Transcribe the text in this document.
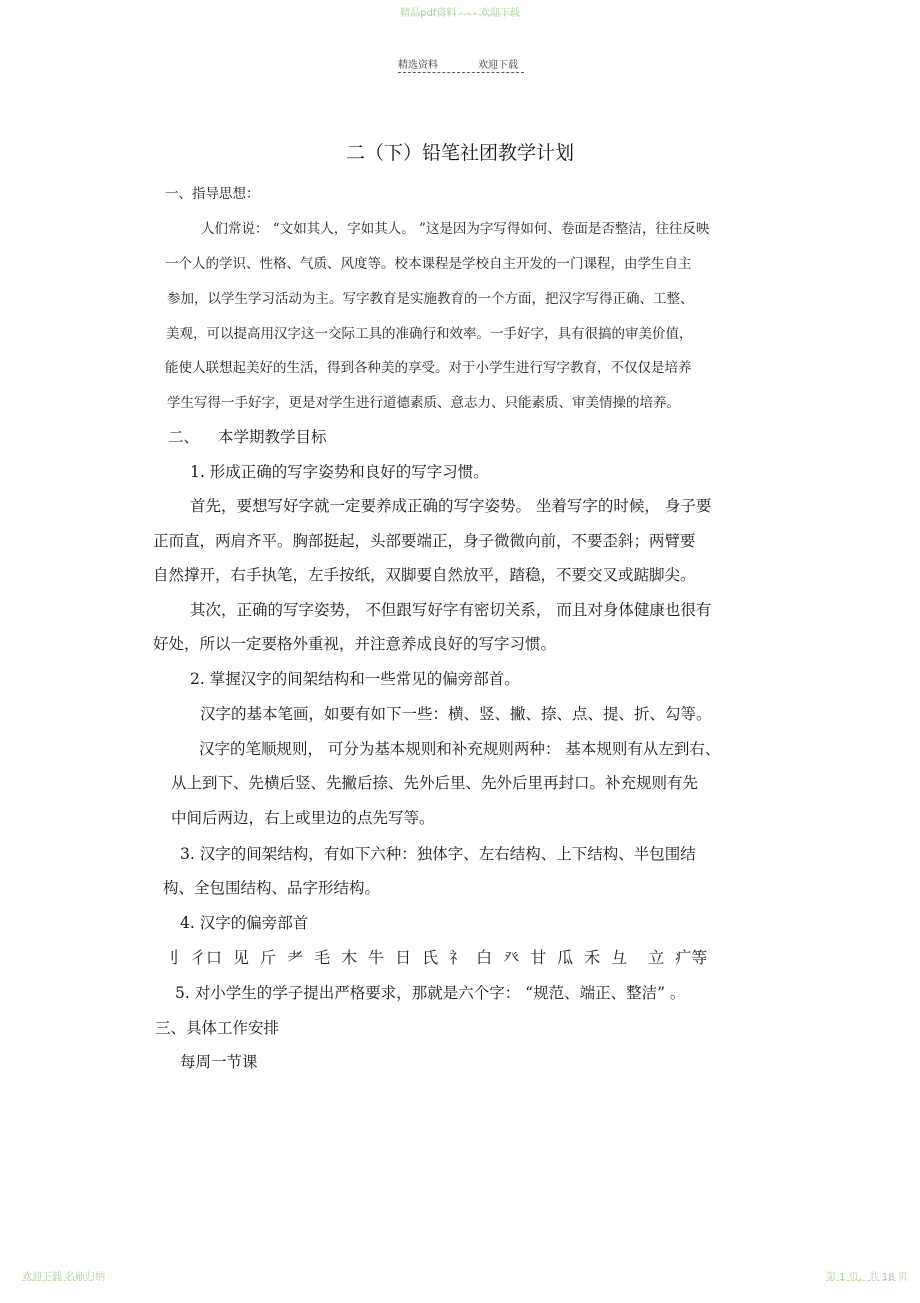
精品pdf资料 - - - 欢迎下载
精选资料	欢迎下载
二（下）铅笔社团教学计划
一、指导思想：
人们常说： “文如其人，字如其人。 ”这是因为字写得如何、卷面是否整洁，往往反映
一个人的学识、性格、气质、风度等。校本课程是学校自主开发的一门课程，由学生自主
参加，以学生学习活动为主。写字教育是实施教育的一个方面，把汉字写得正确、工整、
美观，可以提高用汉字这一交际工具的准确行和效率。一手好字，具有很搞的审美价值，
能使人联想起美好的生活，得到各种美的享受。对于小学生进行写字教育，不仅仅是培养
学生写得一手好字，更是对学生进行道德素质、意志力、只能素质、审美情操的培养。
二、 本学期教学目标
1. 形成正确的写字姿势和良好的写字习惯。
首先，要想写好字就一定要养成正确的写字姿势。 坐着写字的时候， 身子要
正而直，两肩齐平。胸部挺起，头部要端正，身子微微向前，不要歪斜；两臂要
自然撑开，右手执笔，左手按纸，双脚要自然放平，踏稳，不要交叉或踮脚尖。
其次，正确的写字姿势， 不但跟写好字有密切关系， 而且对身体健康也很有
好处，所以一定要格外重视，并注意养成良好的写字习惯。
2. 掌握汉字的间架结构和一些常见的偏旁部首。
汉字的基本笔画，如要有如下一些：横、竖、撇、捺、点、提、折、勾等。
汉字的笔顺规则， 可分为基本规则和补充规则两种： 基本规则有从左到右、
从上到下、先横后竖、先撇后捺、先外后里、先外后里再封口。补充规则有先
中间后两边，右上或里边的点先写等。
3. 汉字的间架结构，有如下六种：独体字、左右结构、上下结构、半包围结
构、全包围结构、品字形结构。
4. 汉字的偏旁部首
刂 彳口 见 斤 耂 毛 木 牛 日 氏 礻 白 癶 甘 瓜 禾 彑 立 疒等
5. 对小学生的学子提出严格要求，那就是六个字： “规范、端正、整洁” 。
三、具体工作安排
每周一节课
欢迎下载 名师归纳	第 1 页，共 18 页
